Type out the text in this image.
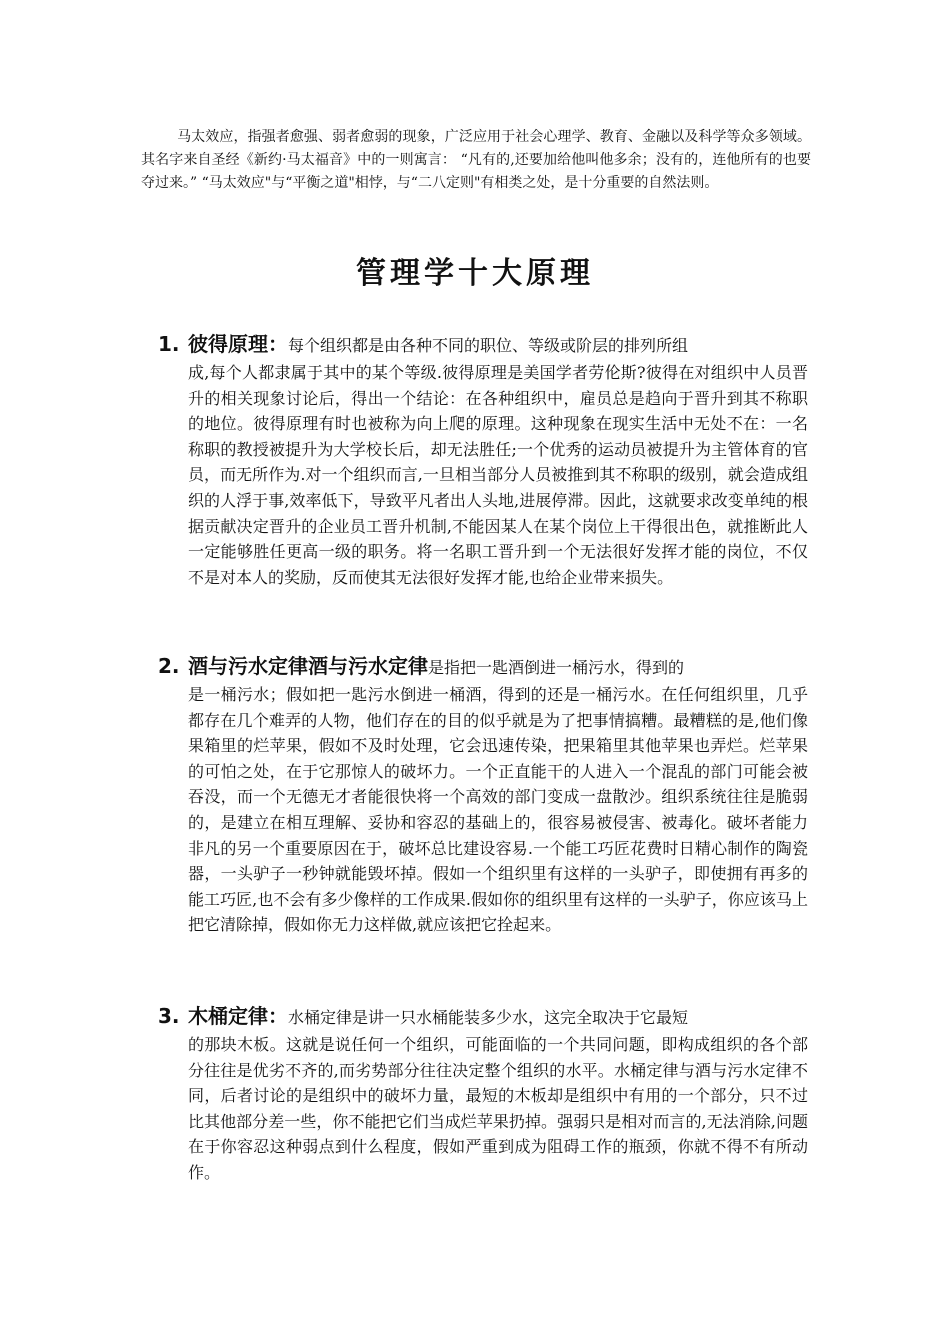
马太效应，指强者愈强、弱者愈弱的现象，广泛应用于社会心理学、教育、金融以及科学等众多领域。其名字来自圣经《新约·马太福音》中的一则寓言： “凡有的,还要加给他叫他多余；没有的，连他所有的也要夺过来。” “马太效应"与“平衡之道"相悖，与“二八定则"有相类之处，是十分重要的自然法则。

管理学十大原理

1. 彼得原理： 每个组织都是由各种不同的职位、等级或阶层的排列所组

成,每个人都隶属于其中的某个等级.彼得原理是美国学者劳伦斯?彼得在对组织中人员晋升的相关现象讨论后，得出一个结论：在各种组织中，雇员总是趋向于晋升到其不称职的地位。彼得原理有时也被称为向上爬的原理。这种现象在现实生活中无处不在：一名称职的教授被提升为大学校长后，却无法胜任;一个优秀的运动员被提升为主管体育的官员，而无所作为.对一个组织而言,一旦相当部分人员被推到其不称职的级别，就会造成组织的人浮于事,效率低下，导致平凡者出人头地,进展停滞。因此，这就要求改变单纯的根据贡献决定晋升的企业员工晋升机制,不能因某人在某个岗位上干得很出色，就推断此人一定能够胜任更高一级的职务。将一名职工晋升到一个无法很好发挥才能的岗位，不仅不是对本人的奖励，反而使其无法很好发挥才能,也给企业带来损失。

2. 酒与污水定律酒与污水定律 是指把一匙酒倒进一桶污水，得到的

是一桶污水；假如把一匙污水倒进一桶酒，得到的还是一桶污水。在任何组织里，几乎都存在几个难弄的人物，他们存在的目的似乎就是为了把事情搞糟。最糟糕的是,他们像果箱里的烂苹果，假如不及时处理，它会迅速传染，把果箱里其他苹果也弄烂。烂苹果的可怕之处，在于它那惊人的破坏力。一个正直能干的人进入一个混乱的部门可能会被吞没，而一个无德无才者能很快将一个高效的部门变成一盘散沙。组织系统往往是脆弱的，是建立在相互理解、妥协和容忍的基础上的，很容易被侵害、被毒化。破坏者能力非凡的另一个重要原因在于，破坏总比建设容易.一个能工巧匠花费时日精心制作的陶瓷器，一头驴子一秒钟就能毁坏掉。假如一个组织里有这样的一头驴子，即使拥有再多的能工巧匠,也不会有多少像样的工作成果.假如你的组织里有这样的一头驴子，你应该马上把它清除掉，假如你无力这样做,就应该把它拴起来。

3. 木桶定律： 水桶定律是讲一只水桶能装多少水，这完全取决于它最短

的那块木板。这就是说任何一个组织，可能面临的一个共同问题，即构成组织的各个部分往往是优劣不齐的,而劣势部分往往决定整个组织的水平。水桶定律与酒与污水定律不同，后者讨论的是组织中的破坏力量，最短的木板却是组织中有用的一个部分，只不过比其他部分差一些，你不能把它们当成烂苹果扔掉。强弱只是相对而言的,无法消除,问题在于你容忍这种弱点到什么程度，假如严重到成为阻碍工作的瓶颈，你就不得不有所动作。
